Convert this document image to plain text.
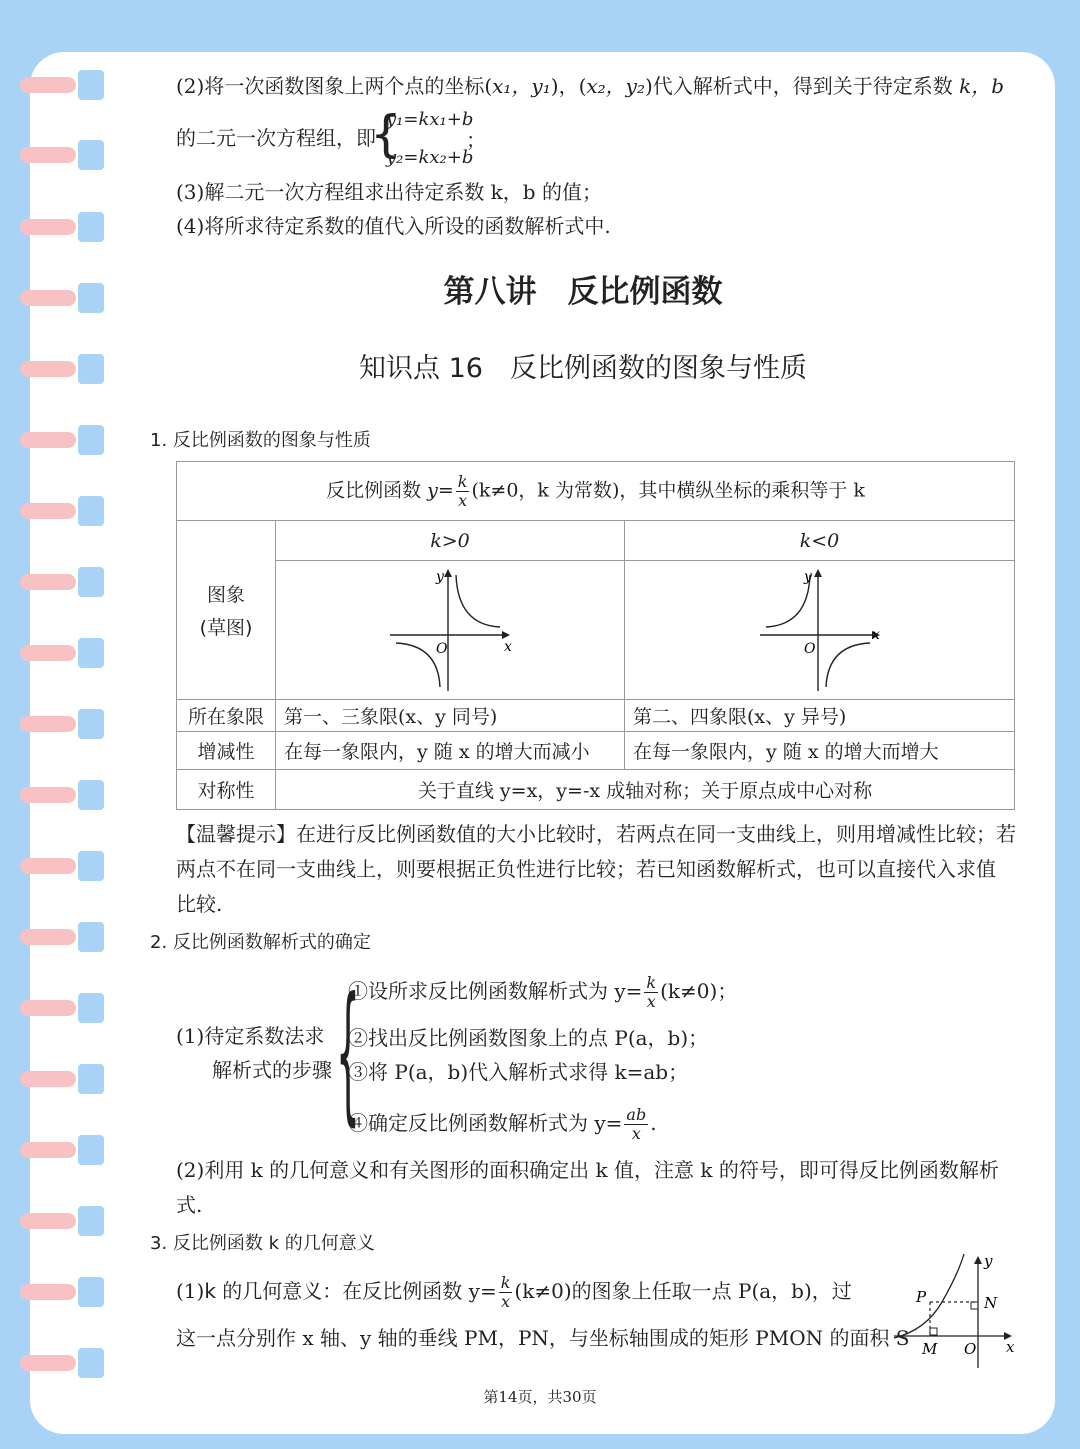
(2)将一次函数图象上两个点的坐标(x₁，y₁)，(x₂，y₂)代入解析式中，得到关于待定系数 k，b
的二元一次方程组，即
{
y₁=kx₁+b
y₂=kx₂+b
；
(3)解二元一次方程组求出待定系数 k，b 的值；
(4)将所求待定系数的值代入所设的函数解析式中.
第八讲　反比例函数
知识点 16　反比例函数的图象与性质
1. 反比例函数的图象与性质
反比例函数 $y= \frac{k}{x} (k\ne 0$，k 为常数)，其中横纵坐标的乘积等于 k		

图象
(草图)	k>0	k<0

y
x
O	y
x
O

所在象限	第一、三象限(x、y 同号)	第二、四象限(x、y 异号)
增减性	在每一象限内，y 随 x 的增大而减小	在每一象限内，y 随 x 的增大而增大
对称性	关于直线 y=x，y=-x 成轴对称；关于原点成中心对称	
【温馨提示】在进行反比例函数值的大小比较时，若两点在同一支曲线上，则用增减性比较；若
两点不在同一支曲线上，则要根据正负性进行比较；若已知函数解析式，也可以直接代入求值
比较.
2. 反比例函数解析式的确定
(1)待定系数法求
解析式的步骤 {
①设所求反比例函数解析式为 $y= \frac{k}{x} (k\ne 0)$；
②找出反比例函数图象上的点 P(a，b)；
③将 P(a，b)代入解析式求得 k=ab；
④确定反比例函数解析式为 $y= \frac{ab}{x}$ .
(2)利用 k 的几何意义和有关图形的面积确定出 k 值，注意 k 的符号，即可得反比例函数解析
式.
3. 反比例函数 k 的几何意义
(1)k 的几何意义：在反比例函数 $y= \frac{k}{x} (k\ne 0)$的图象上任取一点 P(a，b)，过
这一点分别作 x 轴、y 轴的垂线 PM，PN，与坐标轴围成的矩形 PMON 的面积 S
P	N
M O x
y
第14页，共30页
